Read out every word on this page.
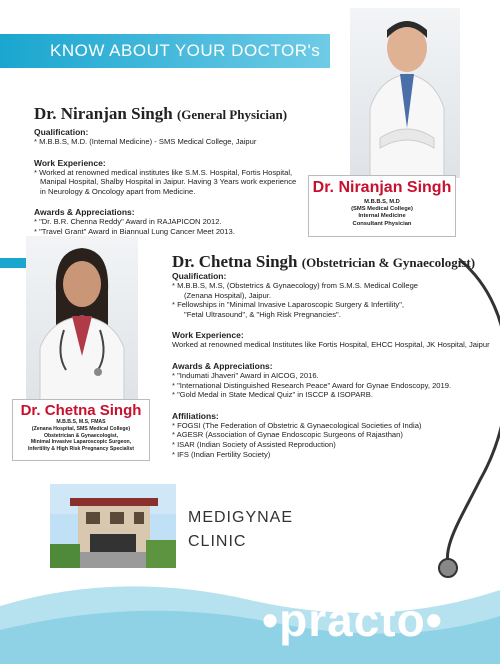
KNOW ABOUT YOUR DOCTOR's
Dr. Niranjan Singh (General Physician)
Qualification:
* M.B.B.S, M.D. (Internal Medicine) - SMS Medical College, Jaipur
Work Experience:
* Worked at renowned medical institutes like S.M.S. Hospital, Fortis Hospital,
Manipal Hospital, Shalby Hospital in Jaipur. Having 3 Years work experience
in Neurology & Oncology apart from Medicine.
Awards & Appreciations:
* "Dr. B.R. Chenna Reddy" Award in RAJAPICON 2012.
* "Travel Grant" Award in Biannual Lung Cancer Meet 2013.
Dr. Niranjan Singh
M.B.B.S, M.D
(SMS Medical College)
Internal Medicine
Consultant Physician
Dr. Chetna Singh (Obstetrician & Gynaecologist)
Qualification:
* M.B.B.S, M.S, (Obstetrics & Gynaecology) from S.M.S. Medical College
(Zenana Hospital), Jaipur.
* Fellowships in "Minimal Invasive Laparoscopic Surgery & Infertility",
"Fetal Ultrasound", & "High Risk Pregnancies".
Work Experience:
Worked at renowned medical Institutes like Fortis Hospital, EHCC Hospital, JK Hospital, Jaipur
Awards & Appreciations:
* "Indumati Jhaveri" Award in AICOG, 2016.
* "International Distinguished Research Peace" Award for Gynae Endoscopy, 2019.
* "Gold Medal in State Medical Quiz" in ISCCP & ISOPARB.
Affiliations:
* FOGSI (The Federation of Obstetric & Gynaecological Societies of India)
* AGESR (Association of Gynae Endoscopic Surgeons of Rajasthan)
* ISAR (Indian Society of Assisted Reproduction)
* IFS (Indian Fertility Society)
Dr. Chetna Singh
M.B.B.S, M.S, FMAS
(Zenana Hospital, SMS Medical College)
Obstetrician & Gynaecologist,
Minimal Invasive Laparoscopic Surgeon,
Infertility & High Risk Pregnancy Specialist
MEDIGYNAE
CLINIC
•practo•
